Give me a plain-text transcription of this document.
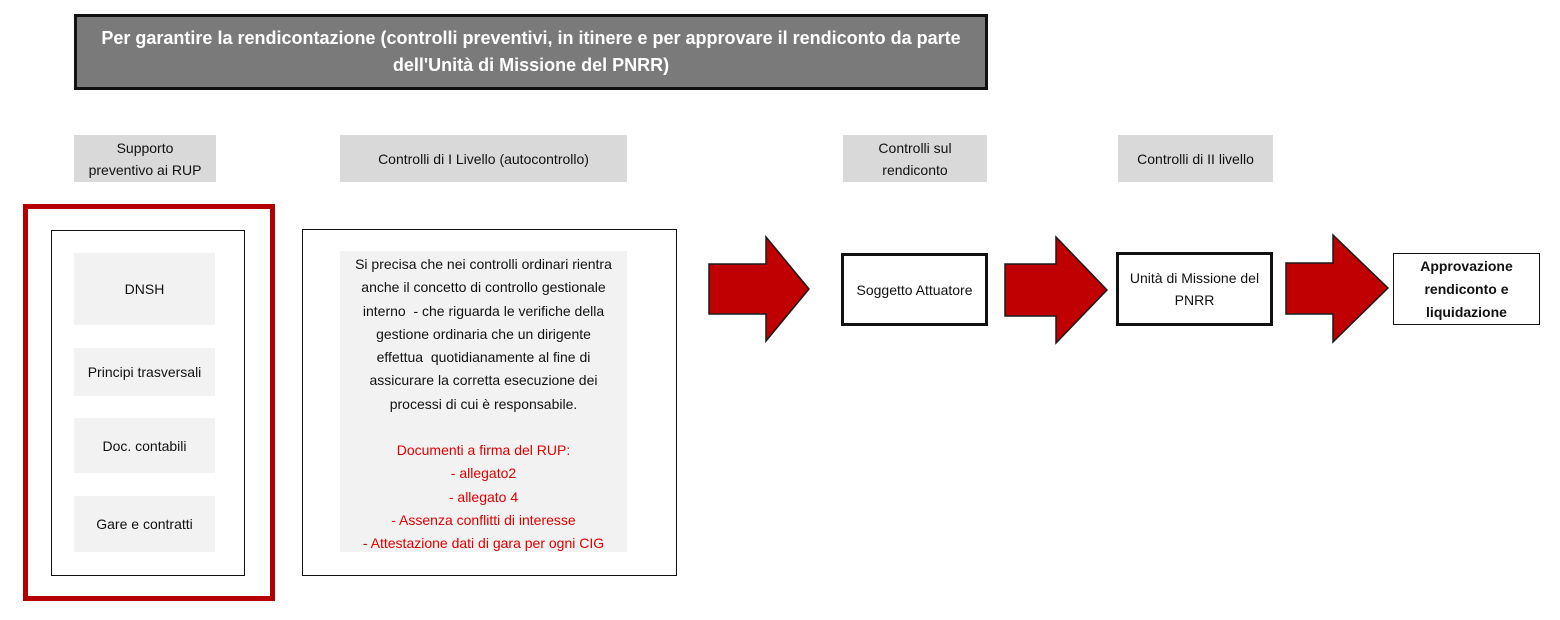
Per garantire la rendicontazione (controlli preventivi, in itinere e per approvare il rendiconto da parte
dell'Unità di Missione del PNRR)
Supporto
preventivo ai RUP
Controlli di I Livello (autocontrollo)
Controlli sul
rendiconto
Controlli di II livello
DNSH
Principi trasversali
Doc. contabili
Gare e contratti
Si precisa che nei controlli ordinari rientra
anche il concetto di controllo gestionale
interno  - che riguarda le verifiche della
gestione ordinaria che un dirigente
effettua  quotidianamente al fine di
assicurare la corretta esecuzione dei
processi di cui è responsabile.
Documenti a firma del RUP:
- allegato2
- allegato 4
- Assenza conflitti di interesse
- Attestazione dati di gara per ogni CIG
Soggetto Attuatore
Unità di Missione del
PNRR
Approvazione
rendiconto e
liquidazione
